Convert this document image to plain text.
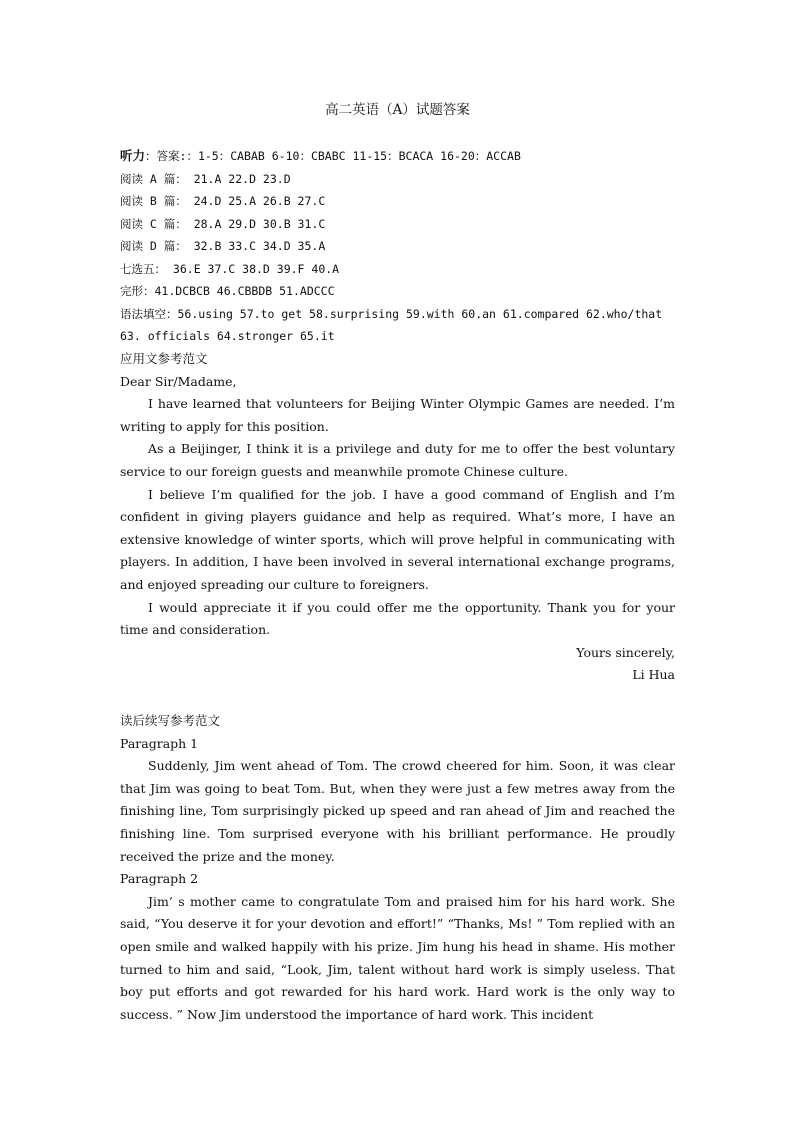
高二英语（A）试题答案
听力：答案:：1-5：CABAB 6-10：CBABC 11-15：BCACA 16-20：ACCAB
阅读 A 篇： 21.A 22.D 23.D
阅读 B 篇： 24.D 25.A 26.B 27.C
阅读 C 篇： 28.A 29.D 30.B 31.C
阅读 D 篇： 32.B 33.C 34.D 35.A
七选五： 36.E 37.C 38.D 39.F 40.A
完形：41.DCBCB 46.CBBDB 51.ADCCC
语法填空：56.using 57.to get 58.surprising 59.with 60.an 61.compared 62.who/that
63. officials 64.stronger 65.it

应用文参考范文

Dear Sir/Madame,

I have learned that volunteers for Beijing Winter Olympic Games are needed. I’m writing to apply for this position.

As a Beijinger, I think it is a privilege and duty for me to offer the best voluntary service to our foreign guests and meanwhile promote Chinese culture.

I believe I’m qualified for the job. I have a good command of English and I’m confident in giving players guidance and help as required. What’s more, I have an extensive knowledge of winter sports, which will prove helpful in communicating with players. In addition, I have been involved in several international exchange programs, and enjoyed spreading our culture to foreigners.

I would appreciate it if you could offer me the opportunity. Thank you for your time and consideration.

Yours sincerely,
Li Hua

读后续写参考范文

Paragraph 1

Suddenly, Jim went ahead of Tom. The crowd cheered for him. Soon, it was clear that Jim was going to beat Tom. But, when they were just a few metres away from the finishing line, Tom surprisingly picked up speed and ran ahead of Jim and reached the finishing line. Tom surprised everyone with his brilliant performance. He proudly received the prize and the money.

Paragraph 2

Jim’ s mother came to congratulate Tom and praised him for his hard work. She said, “You deserve it for your devotion and effort!” “Thanks, Ms! ” Tom replied with an open smile and walked happily with his prize. Jim hung his head in shame. His mother turned to him and said, “Look, Jim, talent without hard work is simply useless. That boy put efforts and got rewarded for his hard work. Hard work is the only way to success. ” Now Jim understood the importance of hard work. This incident
